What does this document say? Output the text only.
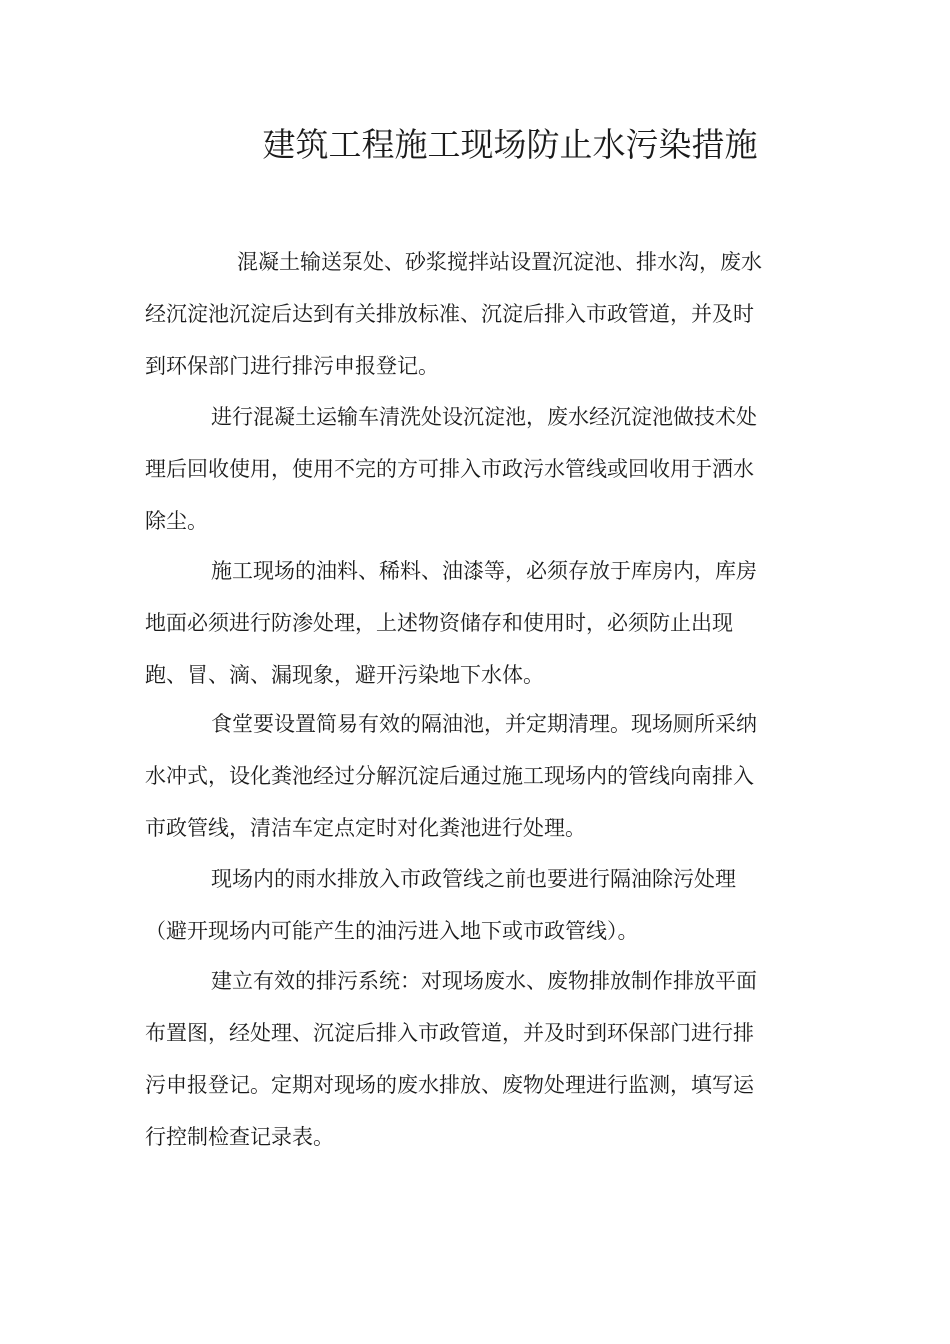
建筑工程施工现场防止水污染措施
混凝土输送泵处、砂浆搅拌站设置沉淀池、排水沟，废水
经沉淀池沉淀后达到有关排放标准、沉淀后排入市政管道，并及时
到环保部门进行排污申报登记。
进行混凝土运输车清洗处设沉淀池，废水经沉淀池做技术处
理后回收使用，使用不完的方可排入市政污水管线或回收用于洒水
除尘。
施工现场的油料、稀料、油漆等，必须存放于库房内，库房
地面必须进行防渗处理，上述物资储存和使用时，必须防止出现
跑、冒、滴、漏现象，避开污染地下水体。
食堂要设置简易有效的隔油池，并定期清理。现场厕所采纳
水冲式，设化粪池经过分解沉淀后通过施工现场内的管线向南排入
市政管线，清洁车定点定时对化粪池进行处理。
现场内的雨水排放入市政管线之前也要进行隔油除污处理
（避开现场内可能产生的油污进入地下或市政管线）。
建立有效的排污系统：对现场废水、废物排放制作排放平面
布置图，经处理、沉淀后排入市政管道，并及时到环保部门进行排
污申报登记。定期对现场的废水排放、废物处理进行监测，填写运
行控制检查记录表。
